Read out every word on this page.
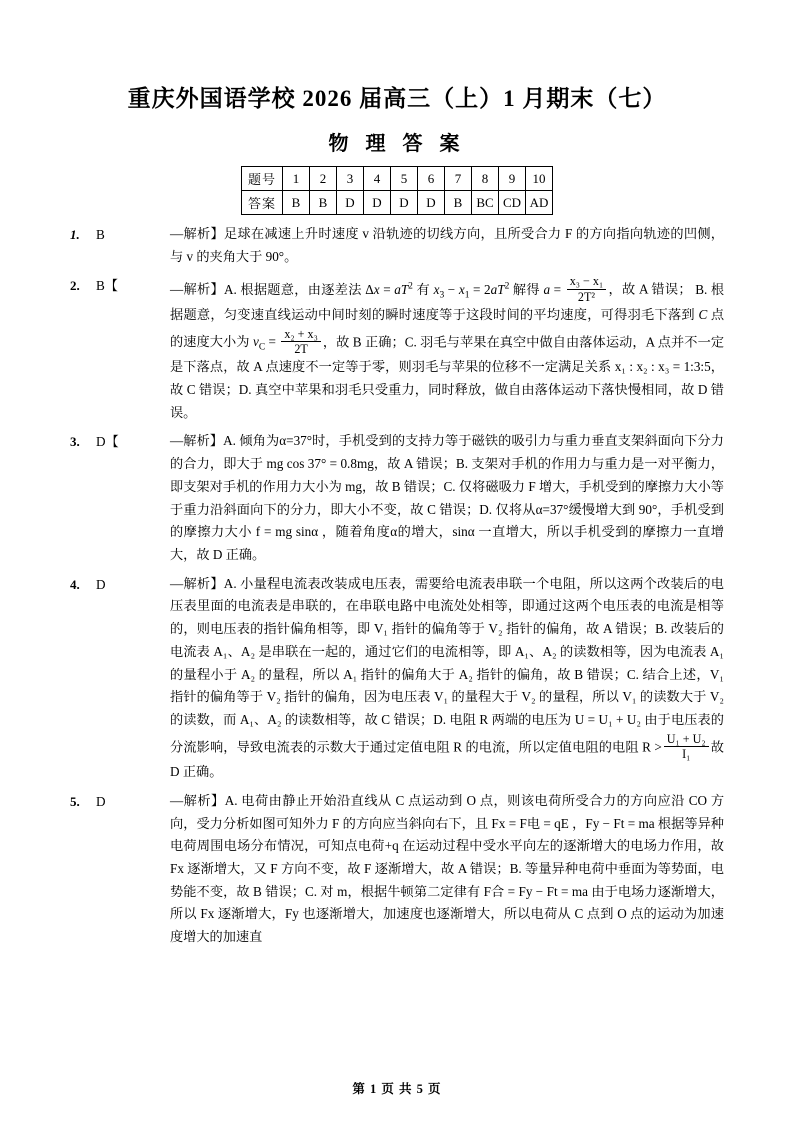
重庆外国语学校 2026 届高三（上）1 月期末（七）
物 理 答 案
题号	1	2	3	4	5	6	7	8	9	10
答案	B	B	D	D	D	D	B	BC	CD	AD
1.	B	—解析】足球在减速上升时速度 v 沿轨迹的切线方向，且所受合力 F 的方向指向轨迹的凹侧，与 v 的夹角大于 90°。
2.	B【	—解析】A. 根据题意，由逐差法 $\Delta x = aT^2$ 有 $x_3 - x_1 = 2aT^2$ 解得 $a = \frac{\text{x₃ − x₁}}{\text{2T²}}$ ，故 A 错误； B. 根据题意，匀变速直线运动中间时刻的瞬时速度等于这段时间的平均速度，可得羽毛下落到 C 点的速度大小为 $v_C = \frac{\text{x₂ + x₃}}{2T}$ ，故 B 正确；C. 羽毛与苹果在真空中做自由落体运动，A 点并不一定是下落点，故 A 点速度不一定等于零，则羽毛与苹果的位移不一定满足关系 x₁ : x₂ : x₃ = 1:3:5，故 C 错误；D. 真空中苹果和羽毛只受重力，同时释放，做自由落体运动下落快慢相同，故 D 错误。
3.	D【	—解析】A. 倾角为α=37°时，手机受到的支持力等于磁铁的吸引力与重力垂直支架斜面向下分力的合力，即大于 mg cos 37° = 0.8mg，故 A 错误；B. 支架对手机的作用力与重力是一对平衡力，即支架对手机的作用力大小为 mg，故 B 错误；C. 仅将磁吸力 F 增大，手机受到的摩擦力大小等于重力沿斜面向下的分力，即大小不变，故 C 错误；D. 仅将从α=37°缓慢增大到 90°，手机受到的摩擦力大小 f = mg sinα ，随着角度α的增大，sinα 一直增大，所以手机受到的摩擦力一直增大，故 D 正确。
4.	D	—解析】A. 小量程电流表改装成电压表，需要给电流表串联一个电阻，所以这两个改装后的电压表里面的电流表是串联的，在串联电路中电流处处相等，即通过这两个电压表的电流是相等的，则电压表的指针偏角相等，即 V₁ 指针的偏角等于 V₂ 指针的偏角，故 A 错误；B. 改装后的电流表 A₁、A₂ 是串联在一起的，通过它们的电流相等，即 A₁、A₂ 的读数相等，因为电流表 A₁ 的量程小于 A₂ 的量程，所以 A₁ 指针的偏角大于 A₂ 指针的偏角，故 B 错误；C. 结合上述，V₁ 指针的偏角等于 V₂ 指针的偏角，因为电压表 V₁ 的量程大于 V₂ 的量程，所以 V₁ 的读数大于 V₂ 的读数，而 A₁、A₂ 的读数相等，故 C 错误；D. 电阻 R 两端的电压为 U = U₁ + U₂ 由于电压表的分流影响，导致电流表的示数大于通过定值电阻 R 的电流，所以定值电阻的电阻 $R > \frac{\text{U₁ + U₂}}{\text{I₁}}$ 故 D 正确。
5.	D	—解析】A. 电荷由静止开始沿直线从 C 点运动到 O 点，则该电荷所受合力的方向应沿 CO 方向，受力分析如图可知外力 F 的方向应当斜向右下，且 Fx = F电 = qE ，Fy − Ft = ma 根据等异种电荷周围电场分布情况，可知点电荷+q 在运动过程中受水平向左的逐渐增大的电场力作用，故 Fx 逐渐增大，又 F 方向不变，故 F 逐渐增大，故 A 错误；B. 等量异种电荷中垂面为等势面，电势能不变，故 B 错误；C. 对 m，根据牛顿第二定律有 F合 = Fy − Ft = ma 由于电场力逐渐增大，所以 Fx 逐渐增大，Fy 也逐渐增大，加速度也逐渐增大，所以电荷从 C 点到 O 点的运动为加速度增大的加速直
第 1 页 共 5 页
